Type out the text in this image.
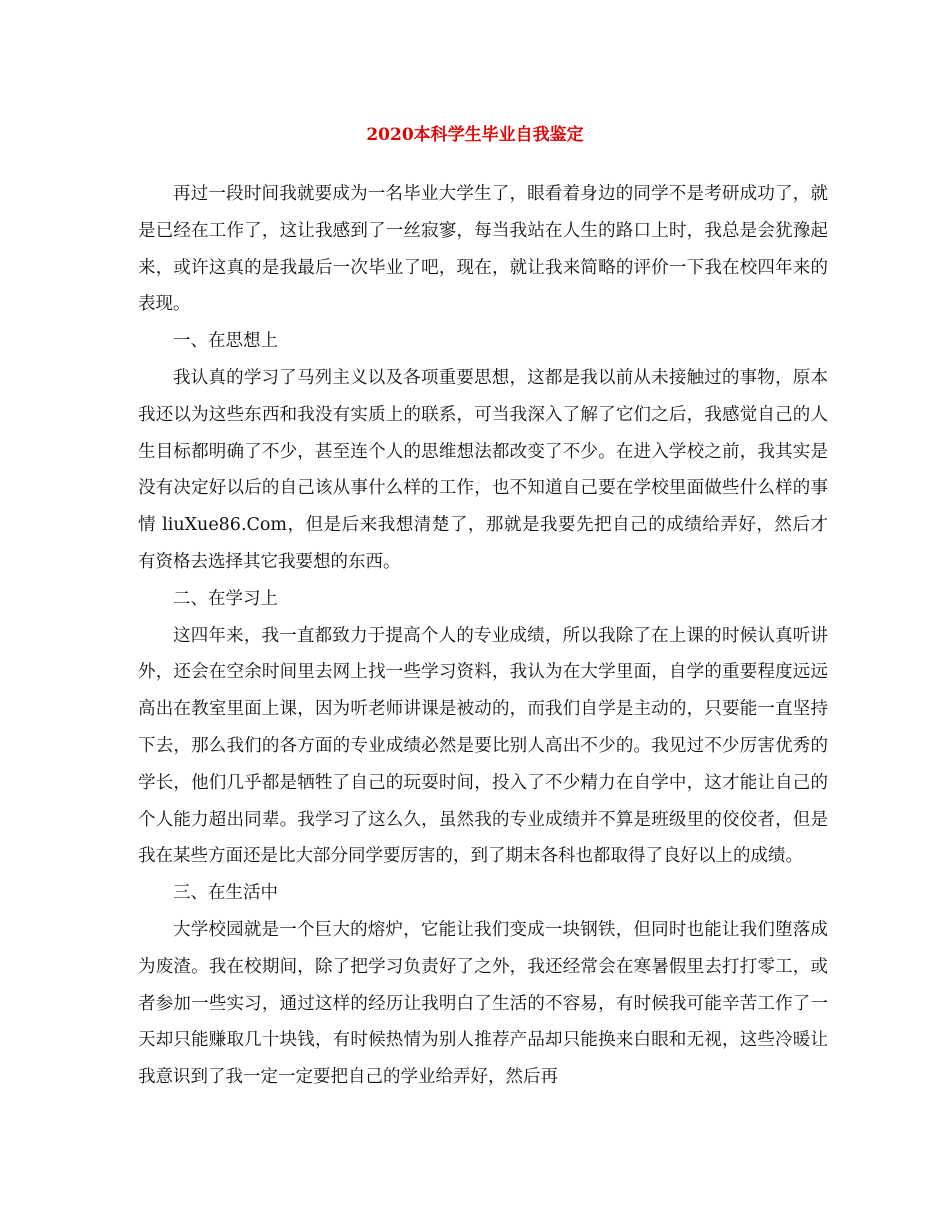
2020本科学生毕业自我鉴定

再过一段时间我就要成为一名毕业大学生了，眼看着身边的同学不是考研成功了，就是已经在工作了，这让我感到了一丝寂寥，每当我站在人生的路口上时，我总是会犹豫起来，或许这真的是我最后一次毕业了吧，现在，就让我来简略的评价一下我在校四年来的表现。

一、在思想上

我认真的学习了马列主义以及各项重要思想，这都是我以前从未接触过的事物，原本我还以为这些东西和我没有实质上的联系，可当我深入了解了它们之后，我感觉自己的人生目标都明确了不少，甚至连个人的思维想法都改变了不少。在进入学校之前，我其实是没有决定好以后的自己该从事什么样的工作，也不知道自己要在学校里面做些什么样的事情 liuXue86.Com，但是后来我想清楚了，那就是我要先把自己的成绩给弄好，然后才有资格去选择其它我要想的东西。

二、在学习上

这四年来，我一直都致力于提高个人的专业成绩，所以我除了在上课的时候认真听讲外，还会在空余时间里去网上找一些学习资料，我认为在大学里面，自学的重要程度远远高出在教室里面上课，因为听老师讲课是被动的，而我们自学是主动的，只要能一直坚持下去，那么我们的各方面的专业成绩必然是要比别人高出不少的。我见过不少厉害优秀的学长，他们几乎都是牺牲了自己的玩耍时间，投入了不少精力在自学中，这才能让自己的个人能力超出同辈。我学习了这么久，虽然我的专业成绩并不算是班级里的佼佼者，但是我在某些方面还是比大部分同学要厉害的，到了期末各科也都取得了良好以上的成绩。

三、在生活中

大学校园就是一个巨大的熔炉，它能让我们变成一块钢铁，但同时也能让我们堕落成为废渣。我在校期间，除了把学习负责好了之外，我还经常会在寒暑假里去打打零工，或者参加一些实习，通过这样的经历让我明白了生活的不容易，有时候我可能辛苦工作了一天却只能赚取几十块钱，有时候热情为别人推荐产品却只能换来白眼和无视，这些冷暖让我意识到了我一定一定要把自己的学业给弄好，然后再
